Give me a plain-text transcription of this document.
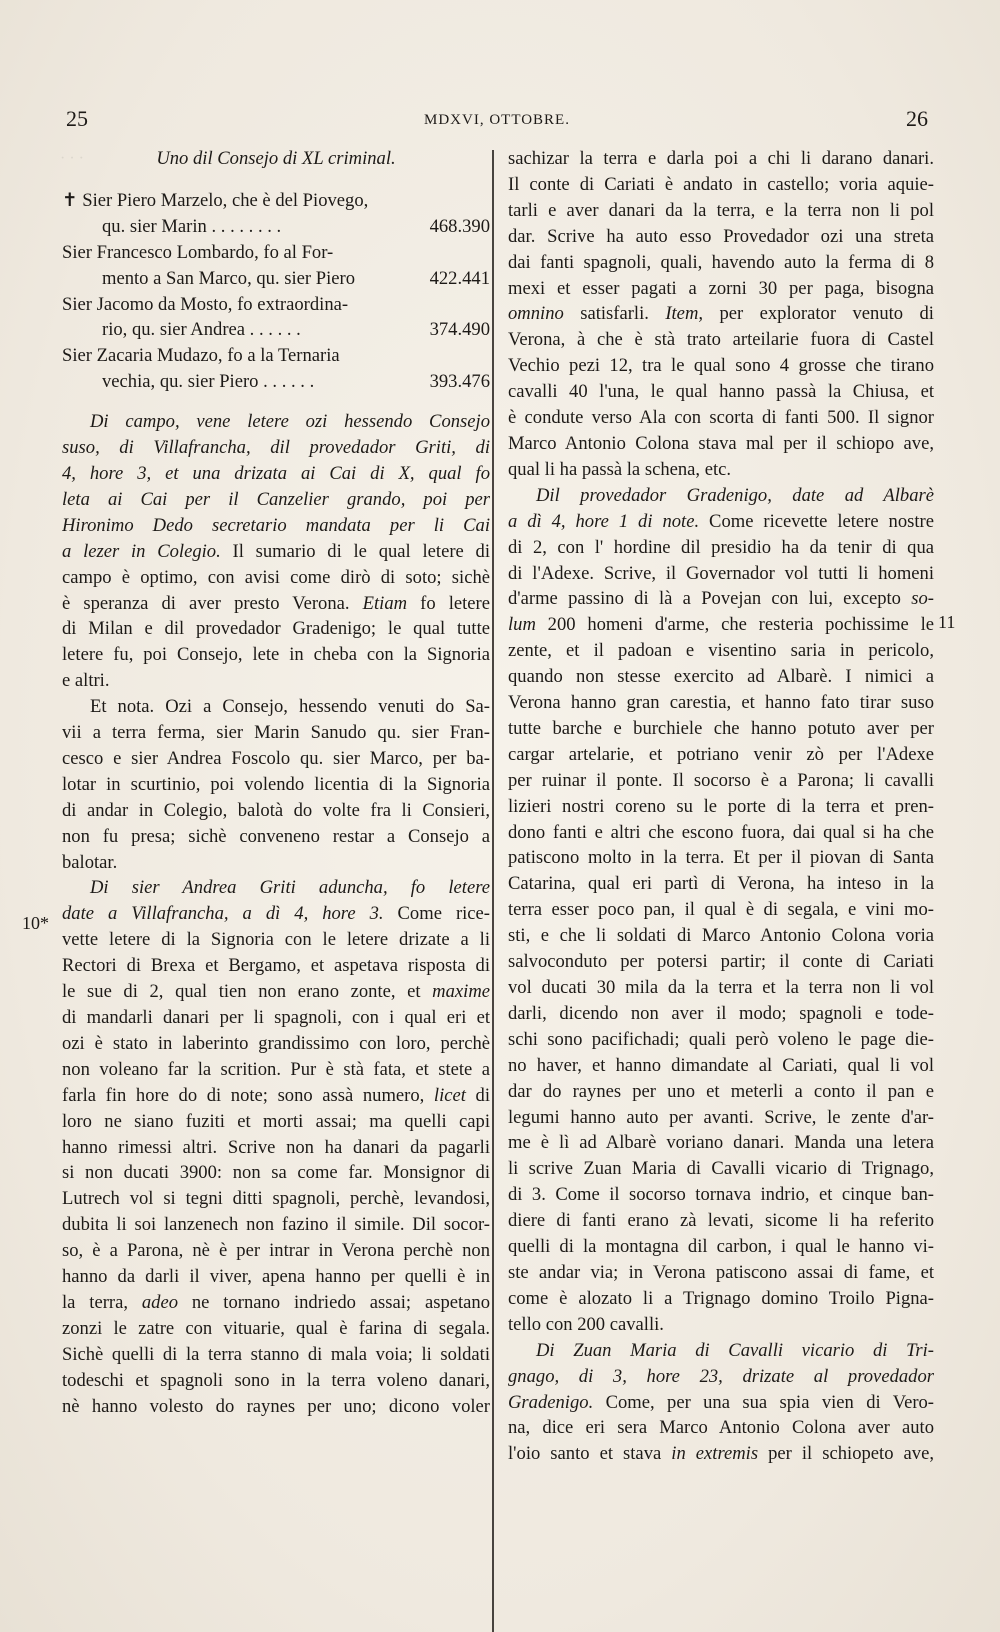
· · ·
25	MDXVI, OTTOBRE.	26
10*
11
Uno dil Consejo di XL criminal.
✝ Sier Piero Marzelo, che è del Piovego,
qu. sier Marin . . . . . . . .	468.390
Sier Francesco Lombardo, fo al For-
mento a San Marco, qu. sier Piero	422.441
Sier Jacomo da Mosto, fo extraordina-
rio, qu. sier Andrea . . . . . .	374.490
Sier Zacaria Mudazo, fo a la Ternaria
vechia, qu. sier Piero . . . . . .	393.476
Di campo, vene letere ozi hessendo Consejo
suso, di Villafrancha, dil provedador Griti, di
4, hore 3, et una drizata ai Cai di X, qual fo
leta ai Cai per il Canzelier grando, poi per
Hironimo Dedo secretario mandata per li Cai
a lezer in Colegio. Il sumario di le qual letere di
campo è optimo, con avisi come dirò di soto; sichè
è speranza di aver presto Verona. Etiam fo letere
di Milan e dil provedador Gradenigo; le qual tutte
letere fu, poi Consejo, lete in cheba con la Signoria
e altri.
Et nota. Ozi a Consejo, hessendo venuti do Sa-
vii a terra ferma, sier Marin Sanudo qu. sier Fran-
cesco e sier Andrea Foscolo qu. sier Marco, per ba-
lotar in scurtinio, poi volendo licentia di la Signoria
di andar in Colegio, balotà do volte fra li Consieri,
non fu presa; sichè conveneno restar a Consejo a
balotar.
Di sier Andrea Griti aduncha, fo letere
date a Villafrancha, a dì 4, hore 3. Come rice-
vette letere di la Signoria con le letere drizate a li
Rectori di Brexa et Bergamo, et aspetava risposta di
le sue di 2, qual tien non erano zonte, et maxime
di mandarli danari per li spagnoli, con i qual eri et
ozi è stato in laberinto grandissimo con loro, perchè
non voleano far la scrition. Pur è stà fata, et stete a
farla fin hore do di note; sono assà numero, licet di
loro ne siano fuziti et morti assai; ma quelli capi
hanno rimessi altri. Scrive non ha danari da pagarli
si non ducati 3900: non sa come far. Monsignor di
Lutrech vol si tegni ditti spagnoli, perchè, levandosi,
dubita li soi lanzenech non fazino il simile. Dil socor-
so, è a Parona, nè è per intrar in Verona perchè non
hanno da darli il viver, apena hanno per quelli è in
la terra, adeo ne tornano indriedo assai; aspetano
zonzi le zatre con vituarie, qual è farina di segala.
Sichè quelli di la terra stanno di mala voia; li soldati
todeschi et spagnoli sono in la terra voleno danari,
nè hanno volesto do raynes per uno; dicono voler
sachizar la terra e darla poi a chi li darano danari.
Il conte di Cariati è andato in castello; voria aquie-
tarli e aver danari da la terra, e la terra non li pol
dar. Scrive ha auto esso Provedador ozi una streta
dai fanti spagnoli, quali, havendo auto la ferma di 8
mexi et esser pagati a zorni 30 per paga, bisogna
omnino satisfarli. Item, per explorator venuto di
Verona, à che è stà trato arteilarie fuora di Castel
Vechio pezi 12, tra le qual sono 4 grosse che tirano
cavalli 40 l'una, le qual hanno passà la Chiusa, et
è condute verso Ala con scorta di fanti 500. Il signor
Marco Antonio Colona stava mal per il schiopo ave,
qual li ha passà la schena, etc.
Dil provedador Gradenigo, date ad Albarè
a dì 4, hore 1 di note. Come ricevette letere nostre
di 2, con l' hordine dil presidio ha da tenir di qua
di l'Adexe. Scrive, il Governador vol tutti li homeni
d'arme passino di là a Povejan con lui, excepto so-
lum 200 homeni d'arme, che resteria pochissime le
zente, et il padoan e visentino saria in pericolo,
quando non stesse exercito ad Albarè. I nimici a
Verona hanno gran carestia, et hanno fato tirar suso
tutte barche e burchiele che hanno potuto aver per
cargar artelarie, et potriano venir zò per l'Adexe
per ruinar il ponte. Il socorso è a Parona; li cavalli
lizieri nostri coreno su le porte di la terra et pren-
dono fanti e altri che escono fuora, dai qual si ha che
patiscono molto in la terra. Et per il piovan di Santa
Catarina, qual eri partì di Verona, ha inteso in la
terra esser poco pan, il qual è di segala, e vini mo-
sti, e che li soldati di Marco Antonio Colona voria
salvoconduto per potersi partir; il conte di Cariati
vol ducati 30 mila da la terra et la terra non li vol
darli, dicendo non aver il modo; spagnoli e tode-
schi sono pacifichadi; quali però voleno le page die-
no haver, et hanno dimandate al Cariati, qual li vol
dar do raynes per uno et meterli a conto il pan e
legumi hanno auto per avanti. Scrive, le zente d'ar-
me è lì ad Albarè voriano danari. Manda una letera
li scrive Zuan Maria di Cavalli vicario di Trignago,
di 3. Come il socorso tornava indrio, et cinque ban-
diere di fanti erano zà levati, sicome li ha referito
quelli di la montagna dil carbon, i qual le hanno vi-
ste andar via; in Verona patiscono assai di fame, et
come è alozato li a Trignago domino Troilo Pigna-
tello con 200 cavalli.
Di Zuan Maria di Cavalli vicario di Tri-
gnago, di 3, hore 23, drizate al provedador
Gradenigo. Come, per una sua spia vien di Vero-
na, dice eri sera Marco Antonio Colona aver auto
l'oio santo et stava in extremis per il schiopeto ave,
